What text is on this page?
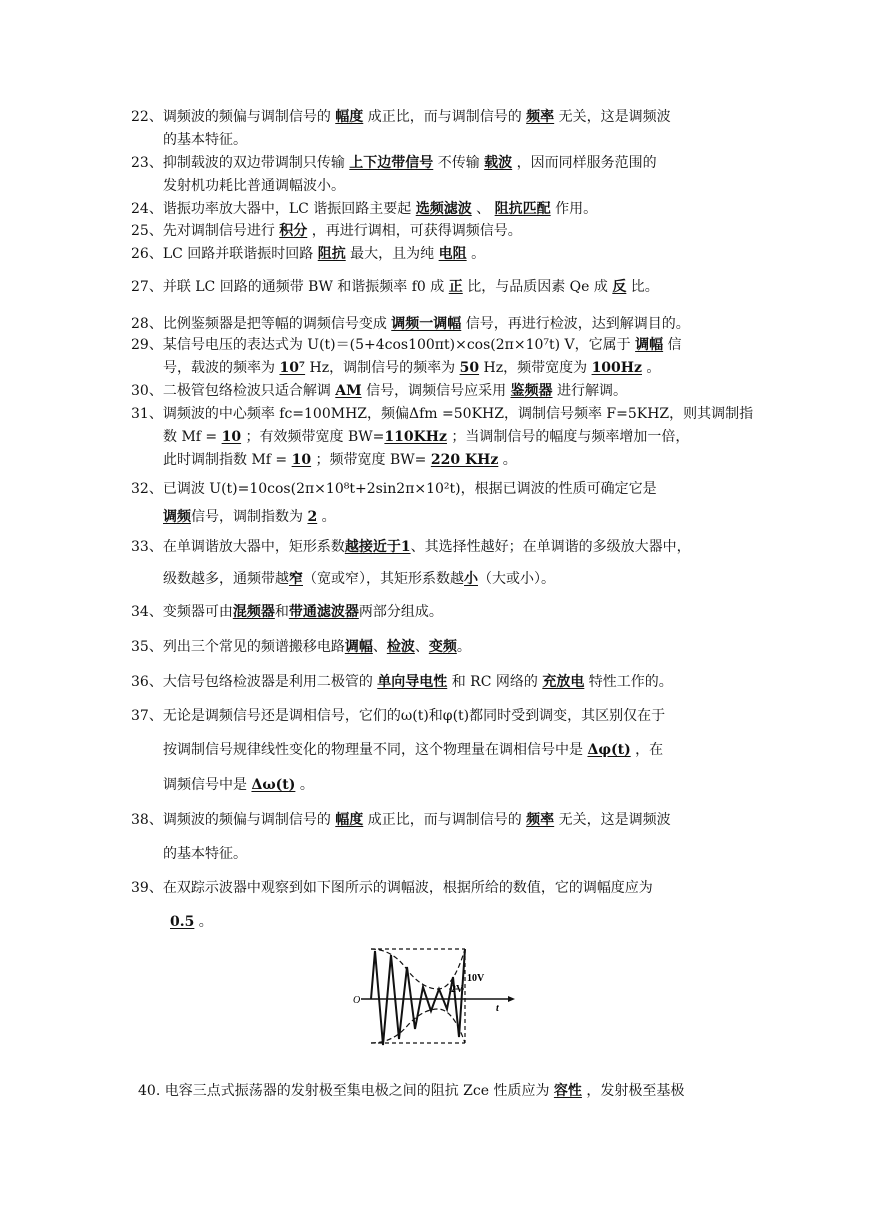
22、调频波的频偏与调制信号的 幅度 成正比，而与调制信号的 频率 无关，这是调频波
的基本特征。
23、抑制载波的双边带调制只传输 上下边带信号 不传输 载波 ，因而同样服务范围的
发射机功耗比普通调幅波小。
24、谐振功率放大器中，LC 谐振回路主要起 选频滤波 、 阻抗匹配 作用。
25、先对调制信号进行 积分 ，再进行调相，可获得调频信号。
26、LC 回路并联谐振时回路 阻抗 最大，且为纯 电阻 。
27、并联 LC 回路的通频带 BW 和谐振频率 f0 成 正 比，与品质因素 Qe 成 反 比。
28、比例鉴频器是把等幅的调频信号变成 调频一调幅 信号，再进行检波，达到解调目的。
29、某信号电压的表达式为 U(t)＝(5+4cos100πt)×cos(2π×10⁷t) V，它属于 调幅 信
号，载波的频率为 10⁷ Hz，调制信号的频率为 50 Hz，频带宽度为 100Hz 。
30、二极管包络检波只适合解调 AM 信号，调频信号应采用 鉴频器 进行解调。
31、调频波的中心频率 fc=100MHZ，频偏Δfm =50KHZ，调制信号频率 F=5KHZ，则其调制指
数 Mf = 10 ；有效频带宽度 BW=110KHz ；当调制信号的幅度与频率增加一倍，
此时调制指数 Mf = 10 ；频带宽度 BW= 220 KHz 。
32、已调波 U(t)=10cos(2π×10⁸t+2sin2π×10²t)，根据已调波的性质可确定它是
调频信号，调制指数为 2 。
33、在单调谐放大器中，矩形系数越接近于1、其选择性越好；在单调谐的多级放大器中，
级数越多，通频带越窄（宽或窄），其矩形系数越小（大或小）。
34、变频器可由混频器和带通滤波器两部分组成。
35、列出三个常见的频谱搬移电路调幅、检波、变频。
36、大信号包络检波器是利用二极管的 单向导电性 和 RC 网络的 充放电 特性工作的。
37、无论是调频信号还是调相信号，它们的ω(t)和φ(t)都同时受到调变，其区别仅在于
按调制信号规律线性变化的物理量不同，这个物理量在调相信号中是 Δφ(t) ，在
调频信号中是 Δω(t) 。
38、调频波的频偏与调制信号的 幅度 成正比，而与调制信号的 频率 无关，这是调频波
的基本特征。
39、在双踪示波器中观察到如下图所示的调幅波，根据所给的数值，它的调幅度应为
0.5 。
40. 电容三点式振荡器的发射极至集电极之间的阻抗 Zce 性质应为 容性 ，发射极至基极
10V
2V
O
t
